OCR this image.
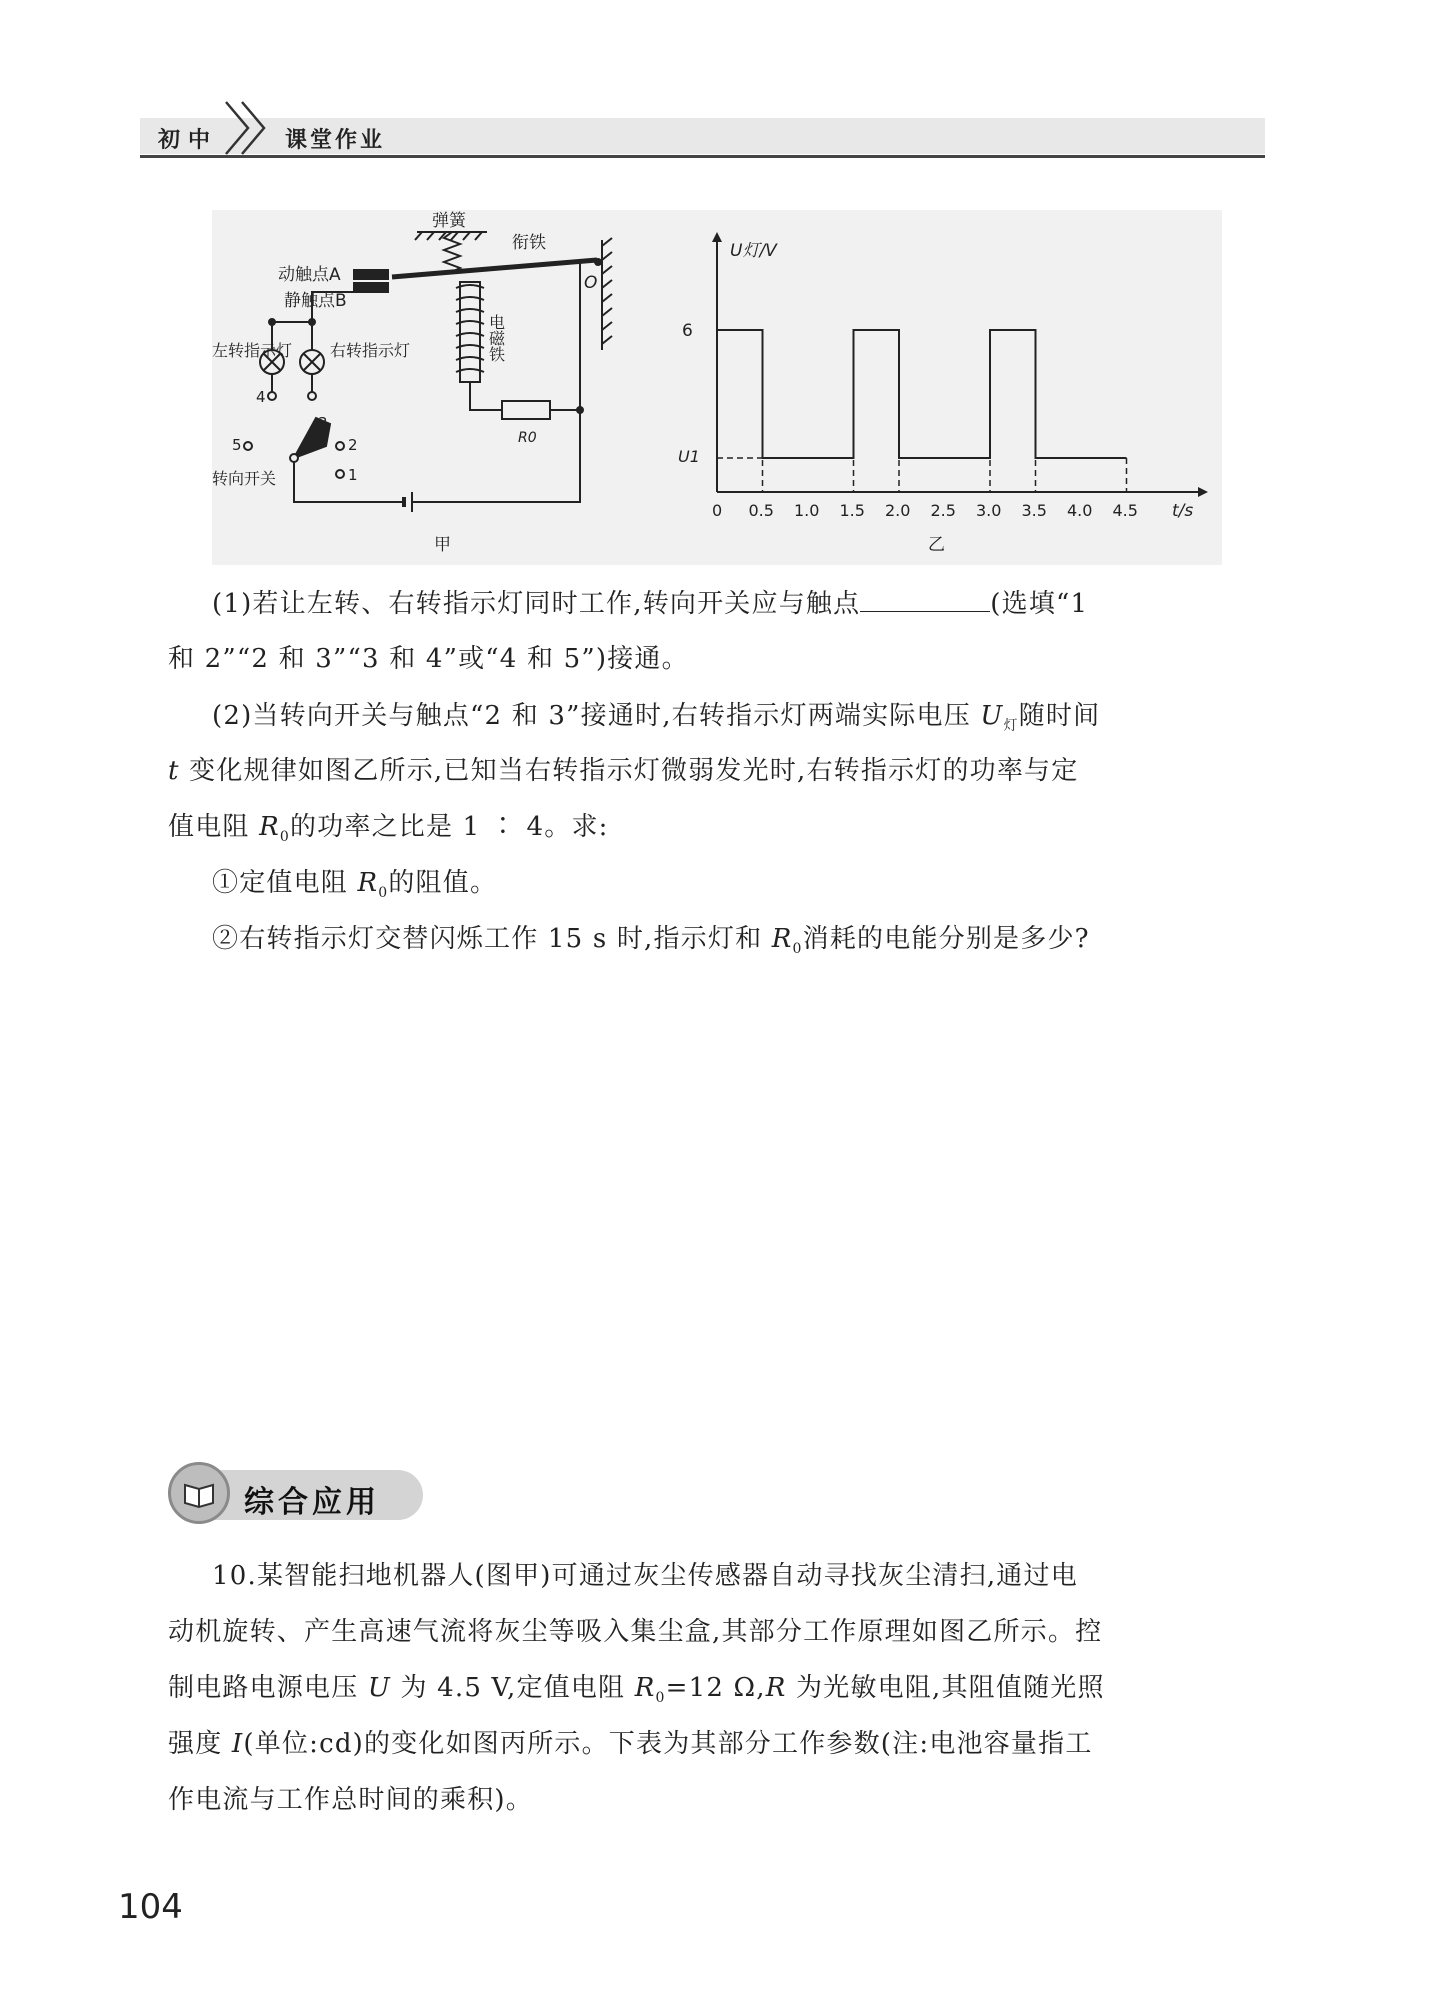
初中	课堂作业
弹簧
衔铁
动触点A
静触点B
O
电磁铁
左转指示灯 右转指示灯
R0
转向开关
4
5
3
2
1
甲
U灯/V
t/s
6
U1
0 0.5 1.0 1.5 2.0 2.5 3.0 3.5 4.0 4.5
乙
(1)若让左转、右转指示灯同时工作,转向开关应与触点	(选填“1
和 2”“2 和 3”“3 和 4”或“4 和 5”)接通。
(2)当转向开关与触点“2 和 3”接通时,右转指示灯两端实际电压 $U_灯$随时间
t 变化规律如图乙所示,已知当右转指示灯微弱发光时,右转指示灯的功率与定
值电阻 $R_0$的功率之比是 1 ∶ 4。求:
①定值电阻 $R_0$的阻值。
②右转指示灯交替闪烁工作 15 s 时,指示灯和 $R_0$消耗的电能分别是多少?
综合应用
10.某智能扫地机器人(图甲)可通过灰尘传感器自动寻找灰尘清扫,通过电
动机旋转、产生高速气流将灰尘等吸入集尘盒,其部分工作原理如图乙所示。控
制电路电源电压 U 为 4.5 V,定值电阻 $R_0=12$ Ω,R 为光敏电阻,其阻值随光照
强度 I(单位:cd)的变化如图丙所示。下表为其部分工作参数(注:电池容量指工
作电流与工作总时间的乘积)。
104
